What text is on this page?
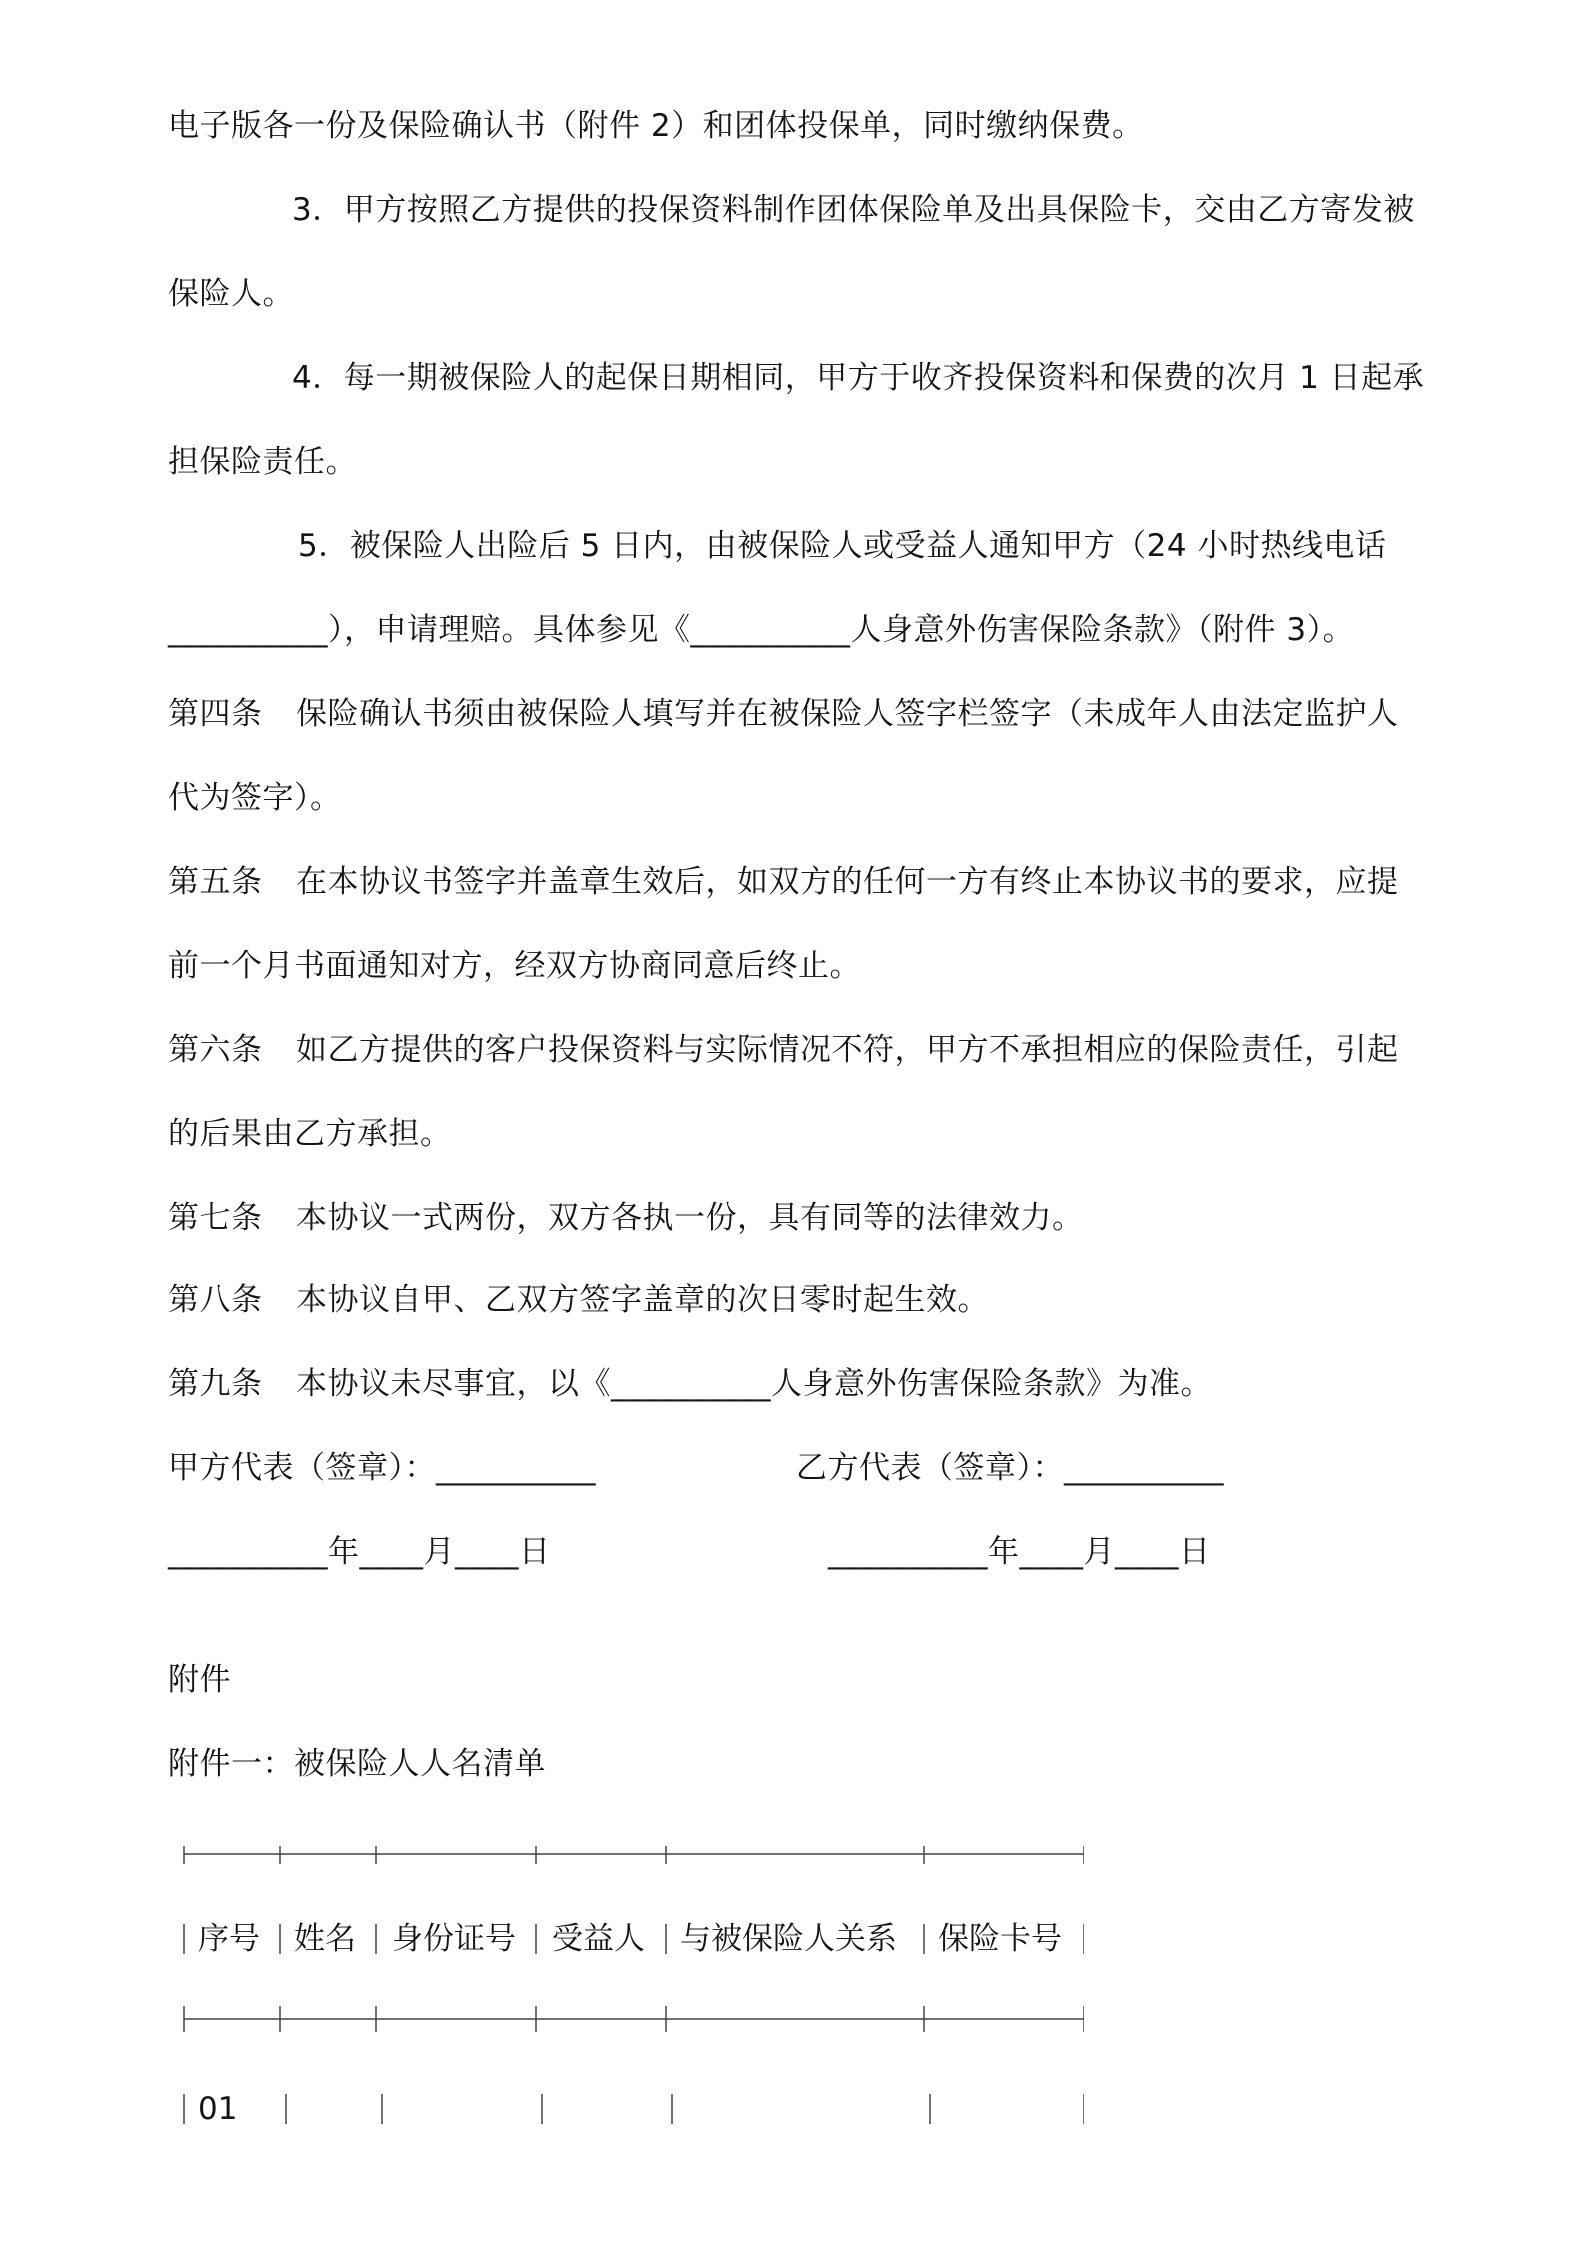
电子版各一份及保险确认书（附件 2）和团体投保单，同时缴纳保费。
3．甲方按照乙方提供的投保资料制作团体保险单及出具保险卡，交由乙方寄发被
保险人。
4．每一期被保险人的起保日期相同，甲方于收齐投保资料和保费的次月 1 日起承
担保险责任。
5．被保险人出险后 5 日内，由被保险人或受益人通知甲方（24 小时热线电话
__________），申请理赔。具体参见《__________人身意外伤害保险条款》（附件 3）。
第四条 保险确认书须由被保险人填写并在被保险人签字栏签字（未成年人由法定监护人
代为签字）。
第五条 在本协议书签字并盖章生效后，如双方的任何一方有终止本协议书的要求，应提
前一个月书面通知对方，经双方协商同意后终止。
第六条 如乙方提供的客户投保资料与实际情况不符，甲方不承担相应的保险责任，引起
的后果由乙方承担。
第七条 本协议一式两份，双方各执一份，具有同等的法律效力。
第八条 本协议自甲、乙双方签字盖章的次日零时起生效。
第九条 本协议未尽事宜，以《__________人身意外伤害保险条款》为准。
甲方代表（签章）：__________	乙方代表（签章）：__________
__________年____月____日	__________年____月____日
附件
附件一：被保险人人名清单
序号 姓名 身份证号 受益人 与被保险人关系 保险卡号
01
